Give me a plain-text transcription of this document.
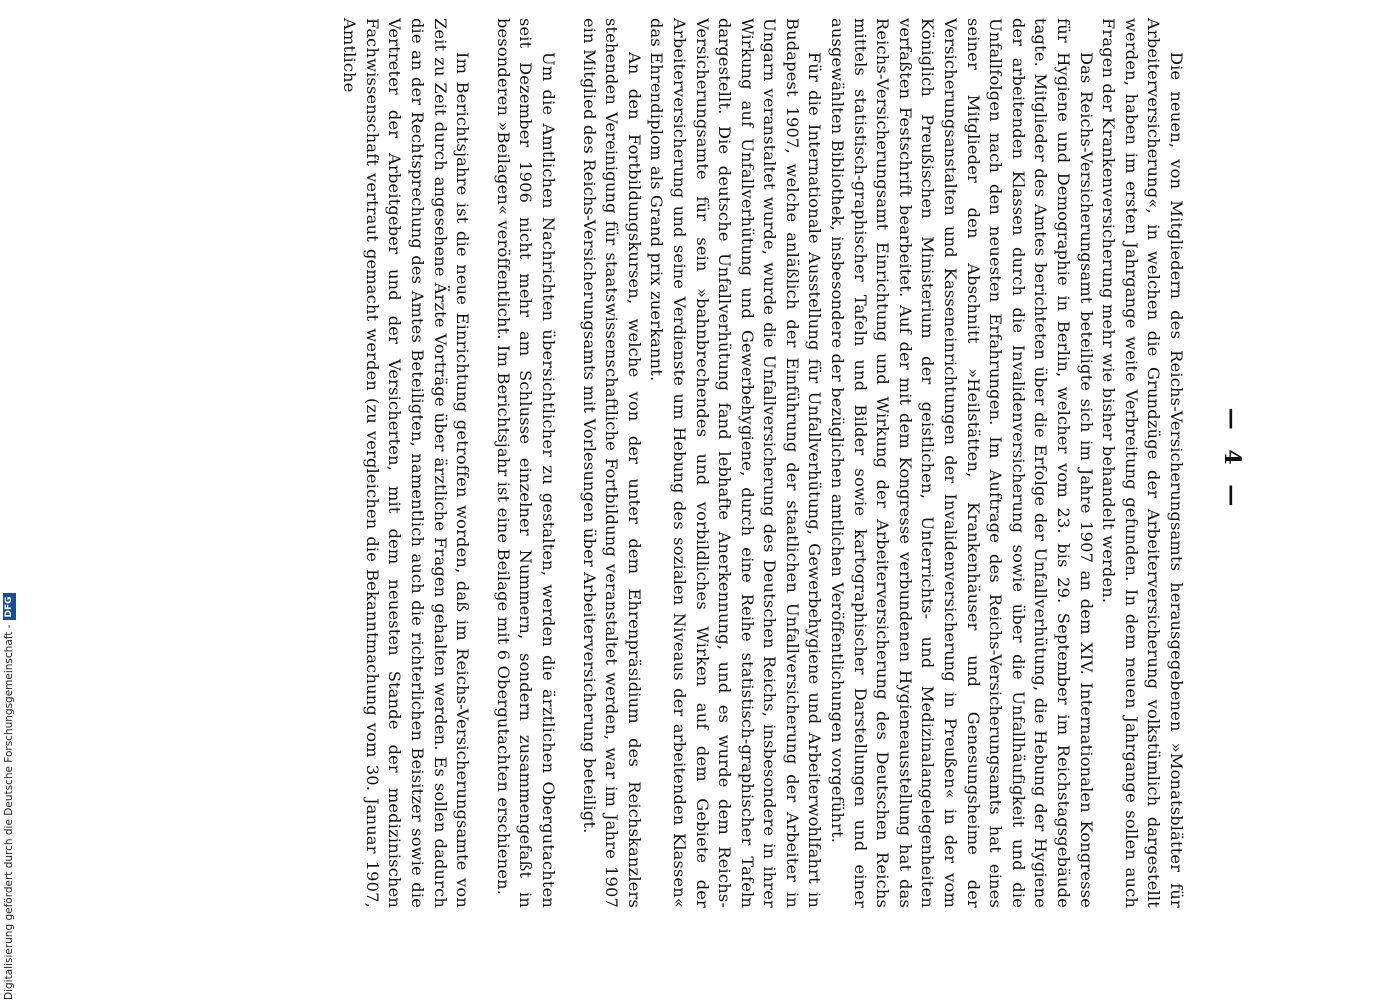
— 4 —

Die neuen, von Mitgliedern des Reichs-Versicherungsamts herausgegebenen »Monatsblätter für Arbeiterversicherung«, in welchen die Grundzüge der Arbeiterversicherung volkstümlich dargestellt werden, haben im ersten Jahrgange weite Verbreitung gefunden. In dem neuen Jahrgange sollen auch Fragen der Krankenversicherung mehr wie bisher behandelt werden.

Das Reichs-Versicherungsamt beteiligte sich im Jahre 1907 an dem XIV. Internationalen Kongresse für Hygiene und Demographie in Berlin, welcher vom 23. bis 29. September im Reichstagsgebäude tagte. Mitglieder des Amtes berichteten über die Erfolge der Unfallverhütung, die Hebung der Hygiene der arbeitenden Klassen durch die Invalidenversicherung sowie über die Unfallhäufigkeit und die Unfallfolgen nach den neuesten Erfahrungen. Im Auftrage des Reichs-Versicherungsamts hat eines seiner Mitglieder den Abschnitt »Heilstätten, Krankenhäuser und Genesungsheime der Versicherungsanstalten und Kasseneinrichtungen der Invalidenversicherung in Preußen« in der vom Königlich Preußischen Ministerium der geistlichen, Unterrichts- und Medizinalangelegenheiten verfaßten Festschrift bearbeitet. Auf der mit dem Kongresse verbundenen Hygieneausstellung hat das Reichs-Versicherungsamt Einrichtung und Wirkung der Arbeiterversicherung des Deutschen Reichs mittels statistisch-graphischer Tafeln und Bilder sowie kartographischer Darstellungen und einer ausgewählten Bibliothek, insbesondere der bezüglichen amtlichen Veröffentlichungen vorgeführt.

Für die Internationale Ausstellung für Unfallverhütung, Gewerbehygiene und Arbeiterwohlfahrt in Budapest 1907, welche anläßlich der Einführung der staatlichen Unfallversicherung der Arbeiter in Ungarn veranstaltet wurde, wurde die Unfallversicherung des Deutschen Reichs, insbesondere in ihrer Wirkung auf Unfallverhütung und Gewerbehygiene, durch eine Reihe statistisch-graphischer Tafeln dargestellt. Die deutsche Unfallverhütung fand lebhafte Anerkennung, und es wurde dem Reichs-Versicherungsamte für sein »bahnbrechendes und vorbildliches Wirken auf dem Gebiete der Arbeiterversicherung und seine Verdienste um Hebung des sozialen Niveaus der arbeitenden Klassen« das Ehrendiplom als Grand prix zuerkannt.

An den Fortbildungskursen, welche von der unter dem Ehrenpräsidium des Reichskanzlers stehenden Vereinigung für staatswissenschaftliche Fortbildung veranstaltet werden, war im Jahre 1907 ein Mitglied des Reichs-Versicherungsamts mit Vorlesungen über Arbeiterversicherung beteiligt.

Um die Amtlichen Nachrichten übersichtlicher zu gestalten, werden die ärztlichen Obergutachten seit Dezember 1906 nicht mehr am Schlusse einzelner Nummern, sondern zusammengefaßt in besonderen »Beilagen« veröffentlicht. Im Berichtsjahr ist eine Beilage mit 6 Obergutachten erschienen.

Im Berichtsjahre ist die neue Einrichtung getroffen worden, daß im Reichs-Versicherungsamte von Zeit zu Zeit durch angesehene Ärzte Vorträge über ärztliche Fragen gehalten werden. Es sollen dadurch die an der Rechtsprechung des Amtes Beteiligten, namentlich auch die richterlichen Beisitzer sowie die Vertreter der Arbeitgeber und der Versicherten, mit dem neuesten Stande der medizinischen Fachwissenschaft vertraut gemacht werden (zu vergleichen die Bekanntmachung vom 30. Januar 1907, Amtliche

Digitalisierung gefördert durch die Deutsche Forschungsgemeinschaft -DFG
